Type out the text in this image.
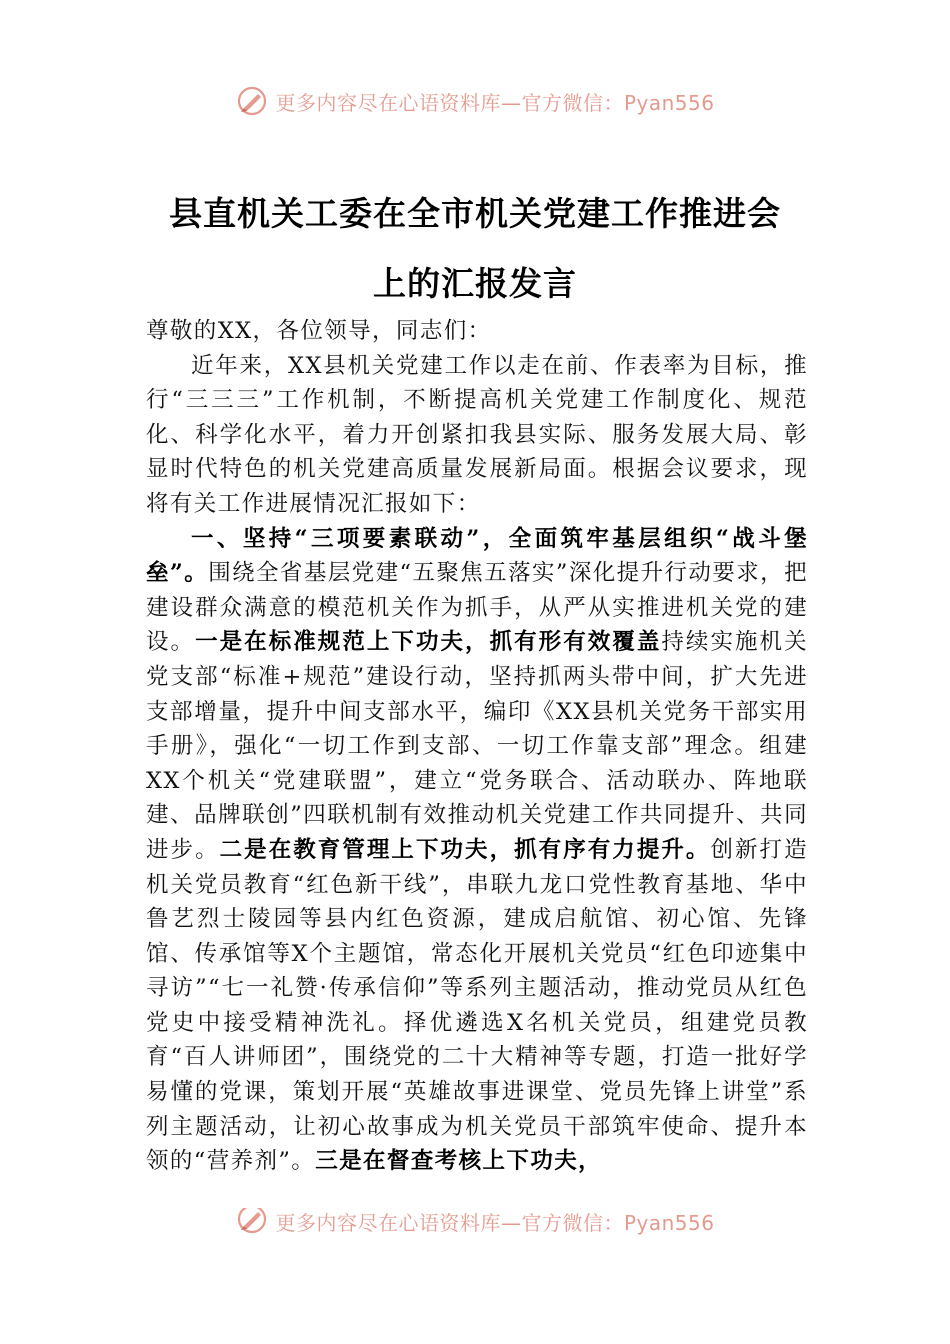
更多内容尽在心语资料库—官方微信：Pyan556
县直机关工委在全市机关党建工作推进会
上的汇报发言

尊敬的XX，各位领导，同志们：

近年来，XX县机关党建工作以走在前、作表率为目标，推行“三三三”工作机制，不断提高机关党建工作制度化、规范化、科学化水平，着力开创紧扣我县实际、服务发展大局、彰显时代特色的机关党建高质量发展新局面。根据会议要求，现将有关工作进展情况汇报如下：

一、坚持“三项要素联动”，全面筑牢基层组织“战斗堡垒”。围绕全省基层党建“五聚焦五落实”深化提升行动要求，把建设群众满意的模范机关作为抓手，从严从实推进机关党的建设。一是在标准规范上下功夫，抓有形有效覆盖持续实施机关党支部“标准+规范”建设行动，坚持抓两头带中间，扩大先进支部增量，提升中间支部水平，编印《XX县机关党务干部实用手册》，强化“一切工作到支部、一切工作靠支部”理念。组建XX个机关“党建联盟”，建立“党务联合、活动联办、阵地联建、品牌联创”四联机制有效推动机关党建工作共同提升、共同进步。二是在教育管理上下功夫，抓有序有力提升。创新打造机关党员教育“红色新干线”，串联九龙口党性教育基地、华中鲁艺烈士陵园等县内红色资源，建成启航馆、初心馆、先锋馆、传承馆等X个主题馆，常态化开展机关党员“红色印迹集中寻访”“七一礼赞·传承信仰”等系列主题活动，推动党员从红色党史中接受精神洗礼。择优遴选X名机关党员，组建党员教育“百人讲师团”，围绕党的二十大精神等专题，打造一批好学易懂的党课，策划开展“英雄故事进课堂、党员先锋上讲堂”系列主题活动，让初心故事成为机关党员干部筑牢使命、提升本领的“营养剂”。三是在督查考核上下功夫，

更多内容尽在心语资料库—官方微信：Pyan556
